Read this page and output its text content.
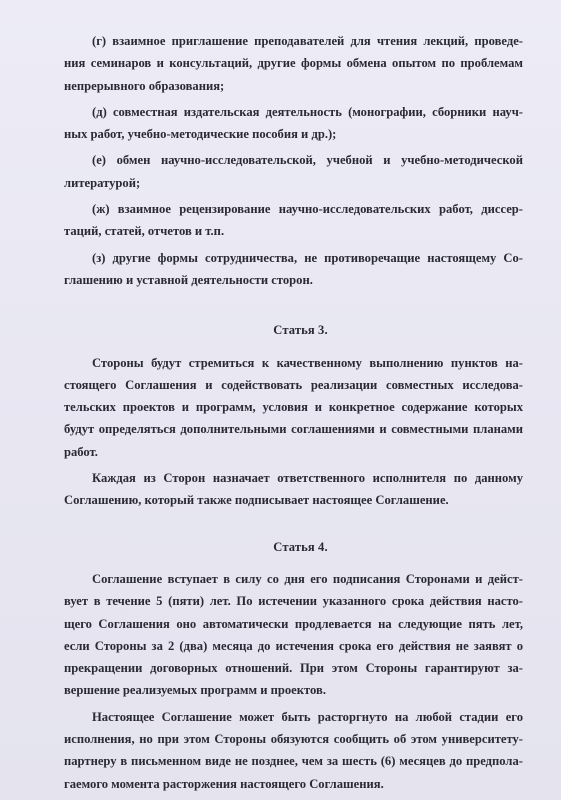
(г) взаимное приглашение преподавателей для чтения лекций, проведе-
ния семинаров и консультаций, другие формы обмена опытом по проблемам
непрерывного образования;
(д) совместная издательская деятельность (монографии, сборники науч-
ных работ, учебно-методические пособия и др.);
(е) обмен научно-исследовательской, учебной и учебно-методической
литературой;
(ж) взаимное рецензирование научно-исследовательских работ, диссер-
таций, статей, отчетов и т.п.
(з) другие формы сотрудничества, не противоречащие настоящему Со-
глашению и уставной деятельности сторон.
Статья 3.
Стороны будут стремиться к качественному выполнению пунктов на-
стоящего Соглашения и содействовать реализации совместных исследова-
тельских проектов и программ, условия и конкретное содержание которых
будут определяться дополнительными соглашениями и совместными планами
работ.
Каждая из Сторон назначает ответственного исполнителя по данному
Соглашению, который также подписывает настоящее Соглашение.
Статья 4.
Соглашение вступает в силу со дня его подписания Сторонами и дейст-
вует в течение 5 (пяти) лет. По истечении указанного срока действия насто-
щего Соглашения оно автоматически продлевается на следующие пять лет,
если Стороны за 2 (два) месяца до истечения срока его действия не заявят о
прекращении договорных отношений. При этом Стороны гарантируют за-
вершение реализуемых программ и проектов.
Настоящее Соглашение может быть расторгнуто на любой стадии его
исполнения, но при этом Стороны обязуются сообщить об этом университету-
партнеру в письменном виде не позднее, чем за шесть (6) месяцев до предпола-
гаемого момента расторжения настоящего Соглашения.
